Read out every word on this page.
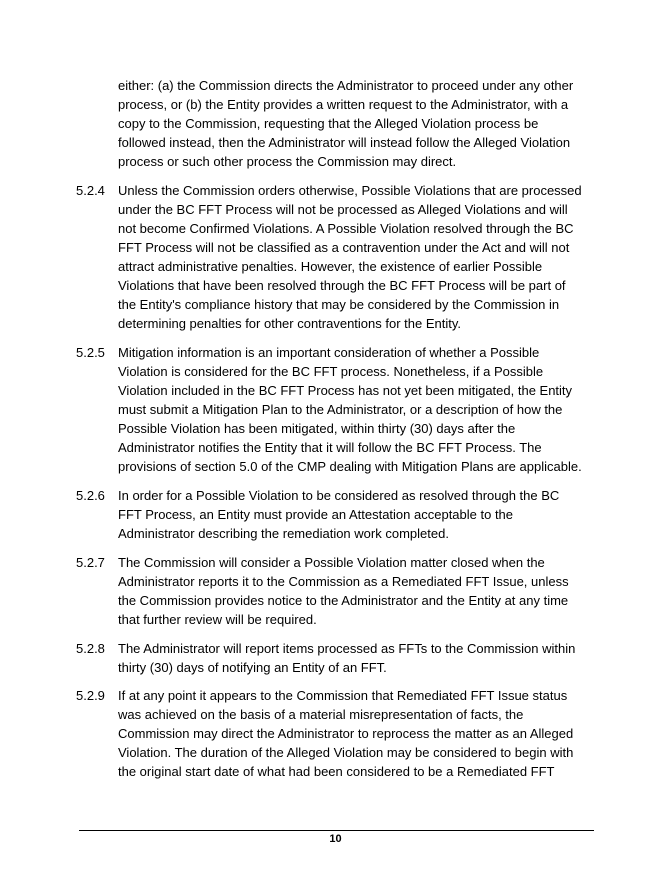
either: (a) the Commission directs the Administrator to proceed under any other
process, or (b) the Entity provides a written request to the Administrator, with a
copy to the Commission, requesting that the Alleged Violation process be
followed instead, then the Administrator will instead follow the Alleged Violation
process or such other process the Commission may direct.
5.2.4	Unless the Commission orders otherwise, Possible Violations that are processed
under the BC FFT Process will not be processed as Alleged Violations and will
not become Confirmed Violations. A Possible Violation resolved through the BC
FFT Process will not be classified as a contravention under the Act and will not
attract administrative penalties. However, the existence of earlier Possible
Violations that have been resolved through the BC FFT Process will be part of
the Entity's compliance history that may be considered by the Commission in
determining penalties for other contraventions for the Entity.
5.2.5	Mitigation information is an important consideration of whether a Possible
Violation is considered for the BC FFT process. Nonetheless, if a Possible
Violation included in the BC FFT Process has not yet been mitigated, the Entity
must submit a Mitigation Plan to the Administrator, or a description of how the
Possible Violation has been mitigated, within thirty (30) days after the
Administrator notifies the Entity that it will follow the BC FFT Process. The
provisions of section 5.0 of the CMP dealing with Mitigation Plans are applicable.
5.2.6	In order for a Possible Violation to be considered as resolved through the BC
FFT Process, an Entity must provide an Attestation acceptable to the
Administrator describing the remediation work completed.
5.2.7	The Commission will consider a Possible Violation matter closed when the
Administrator reports it to the Commission as a Remediated FFT Issue, unless
the Commission provides notice to the Administrator and the Entity at any time
that further review will be required.
5.2.8	The Administrator will report items processed as FFTs to the Commission within
thirty (30) days of notifying an Entity of an FFT.
5.2.9	If at any point it appears to the Commission that Remediated FFT Issue status
was achieved on the basis of a material misrepresentation of facts, the
Commission may direct the Administrator to reprocess the matter as an Alleged
Violation. The duration of the Alleged Violation may be considered to begin with
the original start date of what had been considered to be a Remediated FFT
10
